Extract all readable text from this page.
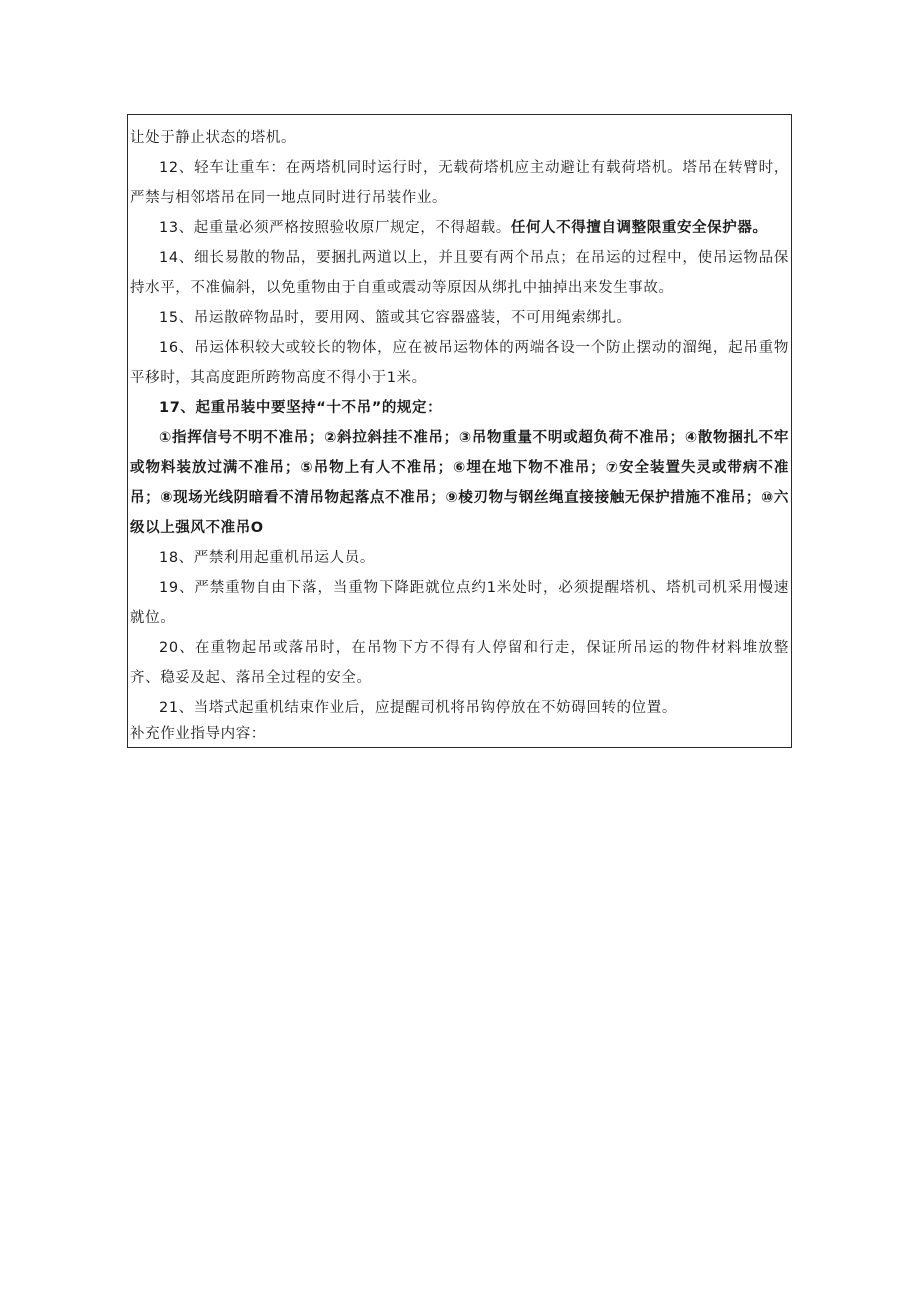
让处于静止状态的塔机。

12、轻车让重车：在两塔机同时运行时，无载荷塔机应主动避让有载荷塔机。塔吊在转臂时，严禁与相邻塔吊在同一地点同时进行吊装作业。

13、起重量必须严格按照验收原厂规定，不得超载。任何人不得擅自调整限重安全保护器。

14、细长易散的物品，要捆扎两道以上，并且要有两个吊点；在吊运的过程中，使吊运物品保持水平，不准偏斜，以免重物由于自重或震动等原因从绑扎中抽掉出来发生事故。

15、吊运散碎物品时，要用网、篮或其它容器盛装，不可用绳索绑扎。

16、吊运体积较大或较长的物体，应在被吊运物体的两端各设一个防止摆动的溜绳，起吊重物平移时，其高度距所跨物高度不得小于1米。

17、起重吊装中要坚持“十不吊”的规定：

①指挥信号不明不准吊；②斜拉斜挂不准吊；③吊物重量不明或超负荷不准吊；④散物捆扎不牢或物料装放过满不准吊；⑤吊物上有人不准吊；⑥埋在地下物不准吊；⑦安全装置失灵或带病不准吊；⑧现场光线阴暗看不清吊物起落点不准吊；⑨棱刃物与钢丝绳直接接触无保护措施不准吊；⑩六级以上强风不准吊O

18、严禁利用起重机吊运人员。

19、严禁重物自由下落，当重物下降距就位点约1米处时，必须提醒塔机、塔机司机采用慢速就位。

20、在重物起吊或落吊时，在吊物下方不得有人停留和行走，保证所吊运的物件材料堆放整齐、稳妥及起、落吊全过程的安全。

21、当塔式起重机结束作业后，应提醒司机将吊钩停放在不妨碍回转的位置。

补充作业指导内容：
